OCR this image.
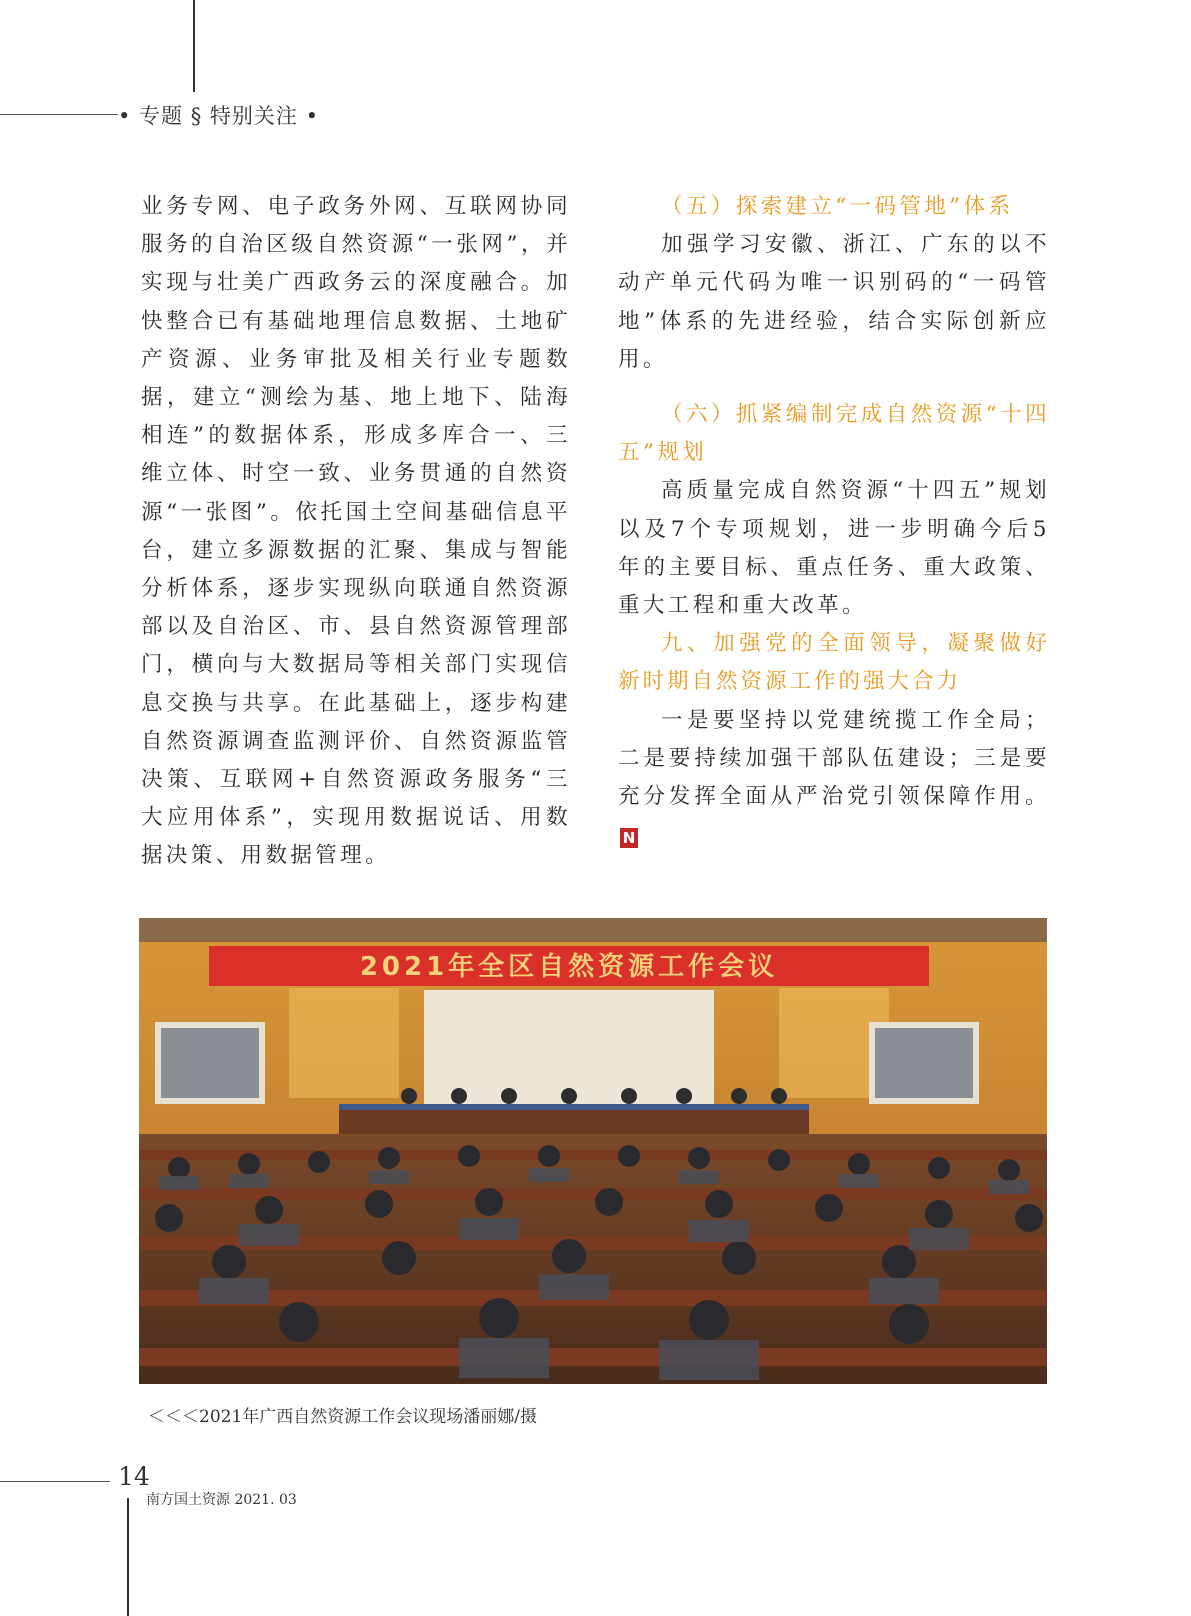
• 专题 § 特别关注 •

业务专网、电子政务外网、互联网协同服务的自治区级自然资源“一张网”，并实现与壮美广西政务云的深度融合。加快整合已有基础地理信息数据、土地矿产资源、业务审批及相关行业专题数据，建立“测绘为基、地上地下、陆海相连”的数据体系，形成多库合一、三维立体、时空一致、业务贯通的自然资源“一张图”。依托国土空间基础信息平台，建立多源数据的汇聚、集成与智能分析体系，逐步实现纵向联通自然资源部以及自治区、市、县自然资源管理部门，横向与大数据局等相关部门实现信息交换与共享。在此基础上，逐步构建自然资源调查监测评价、自然资源监管决策、互联网+自然资源政务服务“三大应用体系”，实现用数据说话、用数据决策、用数据管理。

（五）探索建立“一码管地”体系

加强学习安徽、浙江、广东的以不动产单元代码为唯一识别码的“一码管地”体系的先进经验，结合实际创新应用。

（六）抓紧编制完成自然资源“十四五”规划

高质量完成自然资源“十四五”规划以及7个专项规划，进一步明确今后5年的主要目标、重点任务、重大政策、重大工程和重大改革。

九、加强党的全面领导，凝聚做好新时期自然资源工作的强大合力

一是要坚持以党建统揽工作全局；二是要持续加强干部队伍建设；三是要充分发挥全面从严治党引领保障作用。N

2021年全区自然资源工作会议
＜＜＜2021年广西自然资源工作会议现场潘丽娜/摄
14
南方国土资源 2021. 03
